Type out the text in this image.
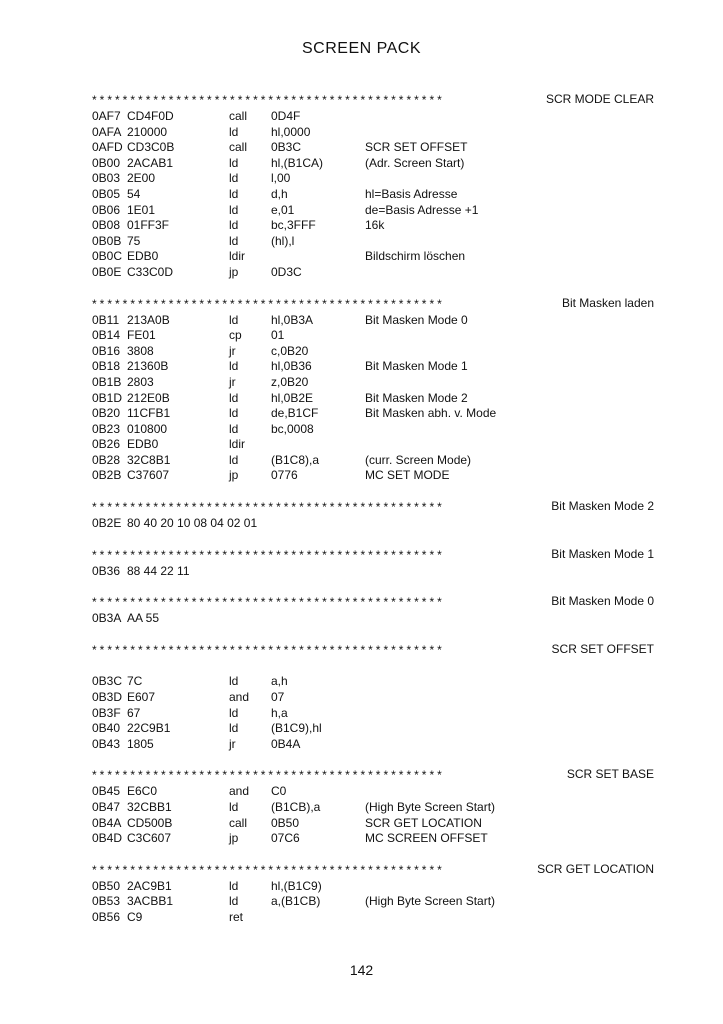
SCREEN PACK
**********************************************	SCR MODE CLEAR
0AF7 CD4F0D	call 0D4F
0AFA 210000	ld	hl,0000
0AFD CD3C0B	call 0B3C	SCR SET OFFSET
0B00 2ACAB1	ld	hl,(B1CA)	(Adr. Screen Start)
0B03 2E00	ld	l,00
0B05 54	ld	d,h	hl=Basis Adresse
0B06 1E01	ld	e,01	de=Basis Adresse +1
0B08 01FF3F	ld	bc,3FFF	16k
0B0B 75	ld	(hl),l
0B0C EDB0	ldir	Bildschirm löschen
0B0E C33C0D	jp	0D3C
**********************************************	Bit Masken laden
0B11 213A0B	ld	hl,0B3A	Bit Masken Mode 0
0B14 FE01	cp 01
0B16 3808	jr	c,0B20
0B18 21360B	ld	hl,0B36	Bit Masken Mode 1
0B1B 2803	jr	z,0B20
0B1D 212E0B	ld	hl,0B2E	Bit Masken Mode 2
0B20 11CFB1	ld	de,B1CF	Bit Masken abh. v. Mode
0B23 010800	ld	bc,0008
0B26 EDB0	ldir
0B28 32C8B1	ld	(B1C8),a	(curr. Screen Mode)
0B2B C37607	jp	0776	MC SET MODE
**********************************************	Bit Masken Mode 2
0B2E 80 40 20 10 08 04 02 01
**********************************************	Bit Masken Mode 1
0B36 88 44 22 11
**********************************************	Bit Masken Mode 0
0B3A AA 55
**********************************************	SCR SET OFFSET
0B3C 7C	ld	a,h
0B3D E607	and 07
0B3F 67	ld	h,a
0B40 22C9B1	ld	(B1C9),hl
0B43 1805	jr	0B4A
**********************************************	SCR SET BASE
0B45 E6C0	and C0
0B47 32CBB1	ld	(B1CB),a	(High Byte Screen Start)
0B4A CD500B	call 0B50	SCR GET LOCATION
0B4D C3C607	jp	07C6	MC SCREEN OFFSET
**********************************************	SCR GET LOCATION
0B50 2AC9B1	ld	hl,(B1C9)
0B53 3ACBB1	ld	a,(B1CB)	(High Byte Screen Start)
0B56 C9	ret
142
